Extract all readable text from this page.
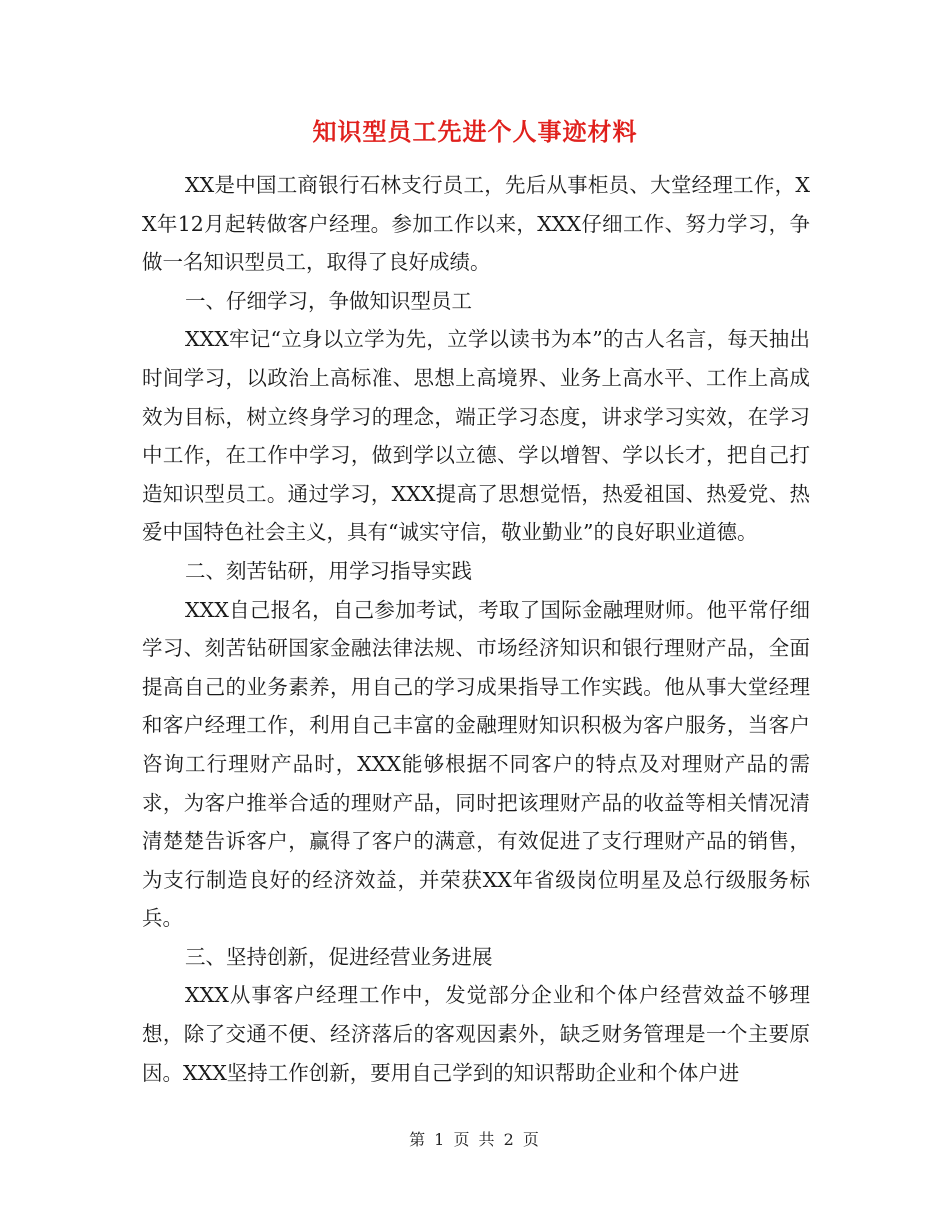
知识型员工先进个人事迹材料

XX是中国工商银行石林支行员工，先后从事柜员、大堂经理工作，XX年12月起转做客户经理。参加工作以来，XXX仔细工作、努力学习，争做一名知识型员工，取得了良好成绩。

一、仔细学习，争做知识型员工

XXX牢记“立身以立学为先，立学以读书为本”的古人名言，每天抽出时间学习，以政治上高标准、思想上高境界、业务上高水平、工作上高成效为目标，树立终身学习的理念，端正学习态度，讲求学习实效，在学习中工作，在工作中学习，做到学以立德、学以增智、学以长才，把自己打造知识型员工。通过学习，XXX提高了思想觉悟，热爱祖国、热爱党、热爱中国特色社会主义，具有“诚实守信，敬业勤业”的良好职业道德。

二、刻苦钻研，用学习指导实践

XXX自己报名，自己参加考试，考取了国际金融理财师。他平常仔细学习、刻苦钻研国家金融法律法规、市场经济知识和银行理财产品，全面提高自己的业务素养，用自己的学习成果指导工作实践。他从事大堂经理和客户经理工作，利用自己丰富的金融理财知识积极为客户服务，当客户咨询工行理财产品时，XXX能够根据不同客户的特点及对理财产品的需求，为客户推举合适的理财产品，同时把该理财产品的收益等相关情况清清楚楚告诉客户，赢得了客户的满意，有效促进了支行理财产品的销售，为支行制造良好的经济效益，并荣获XX年省级岗位明星及总行级服务标兵。

三、坚持创新，促进经营业务进展

XXX从事客户经理工作中，发觉部分企业和个体户经营效益不够理想，除了交通不便、经济落后的客观因素外，缺乏财务管理是一个主要原因。XXX坚持工作创新，要用自己学到的知识帮助企业和个体户进

第 1 页 共 2 页
